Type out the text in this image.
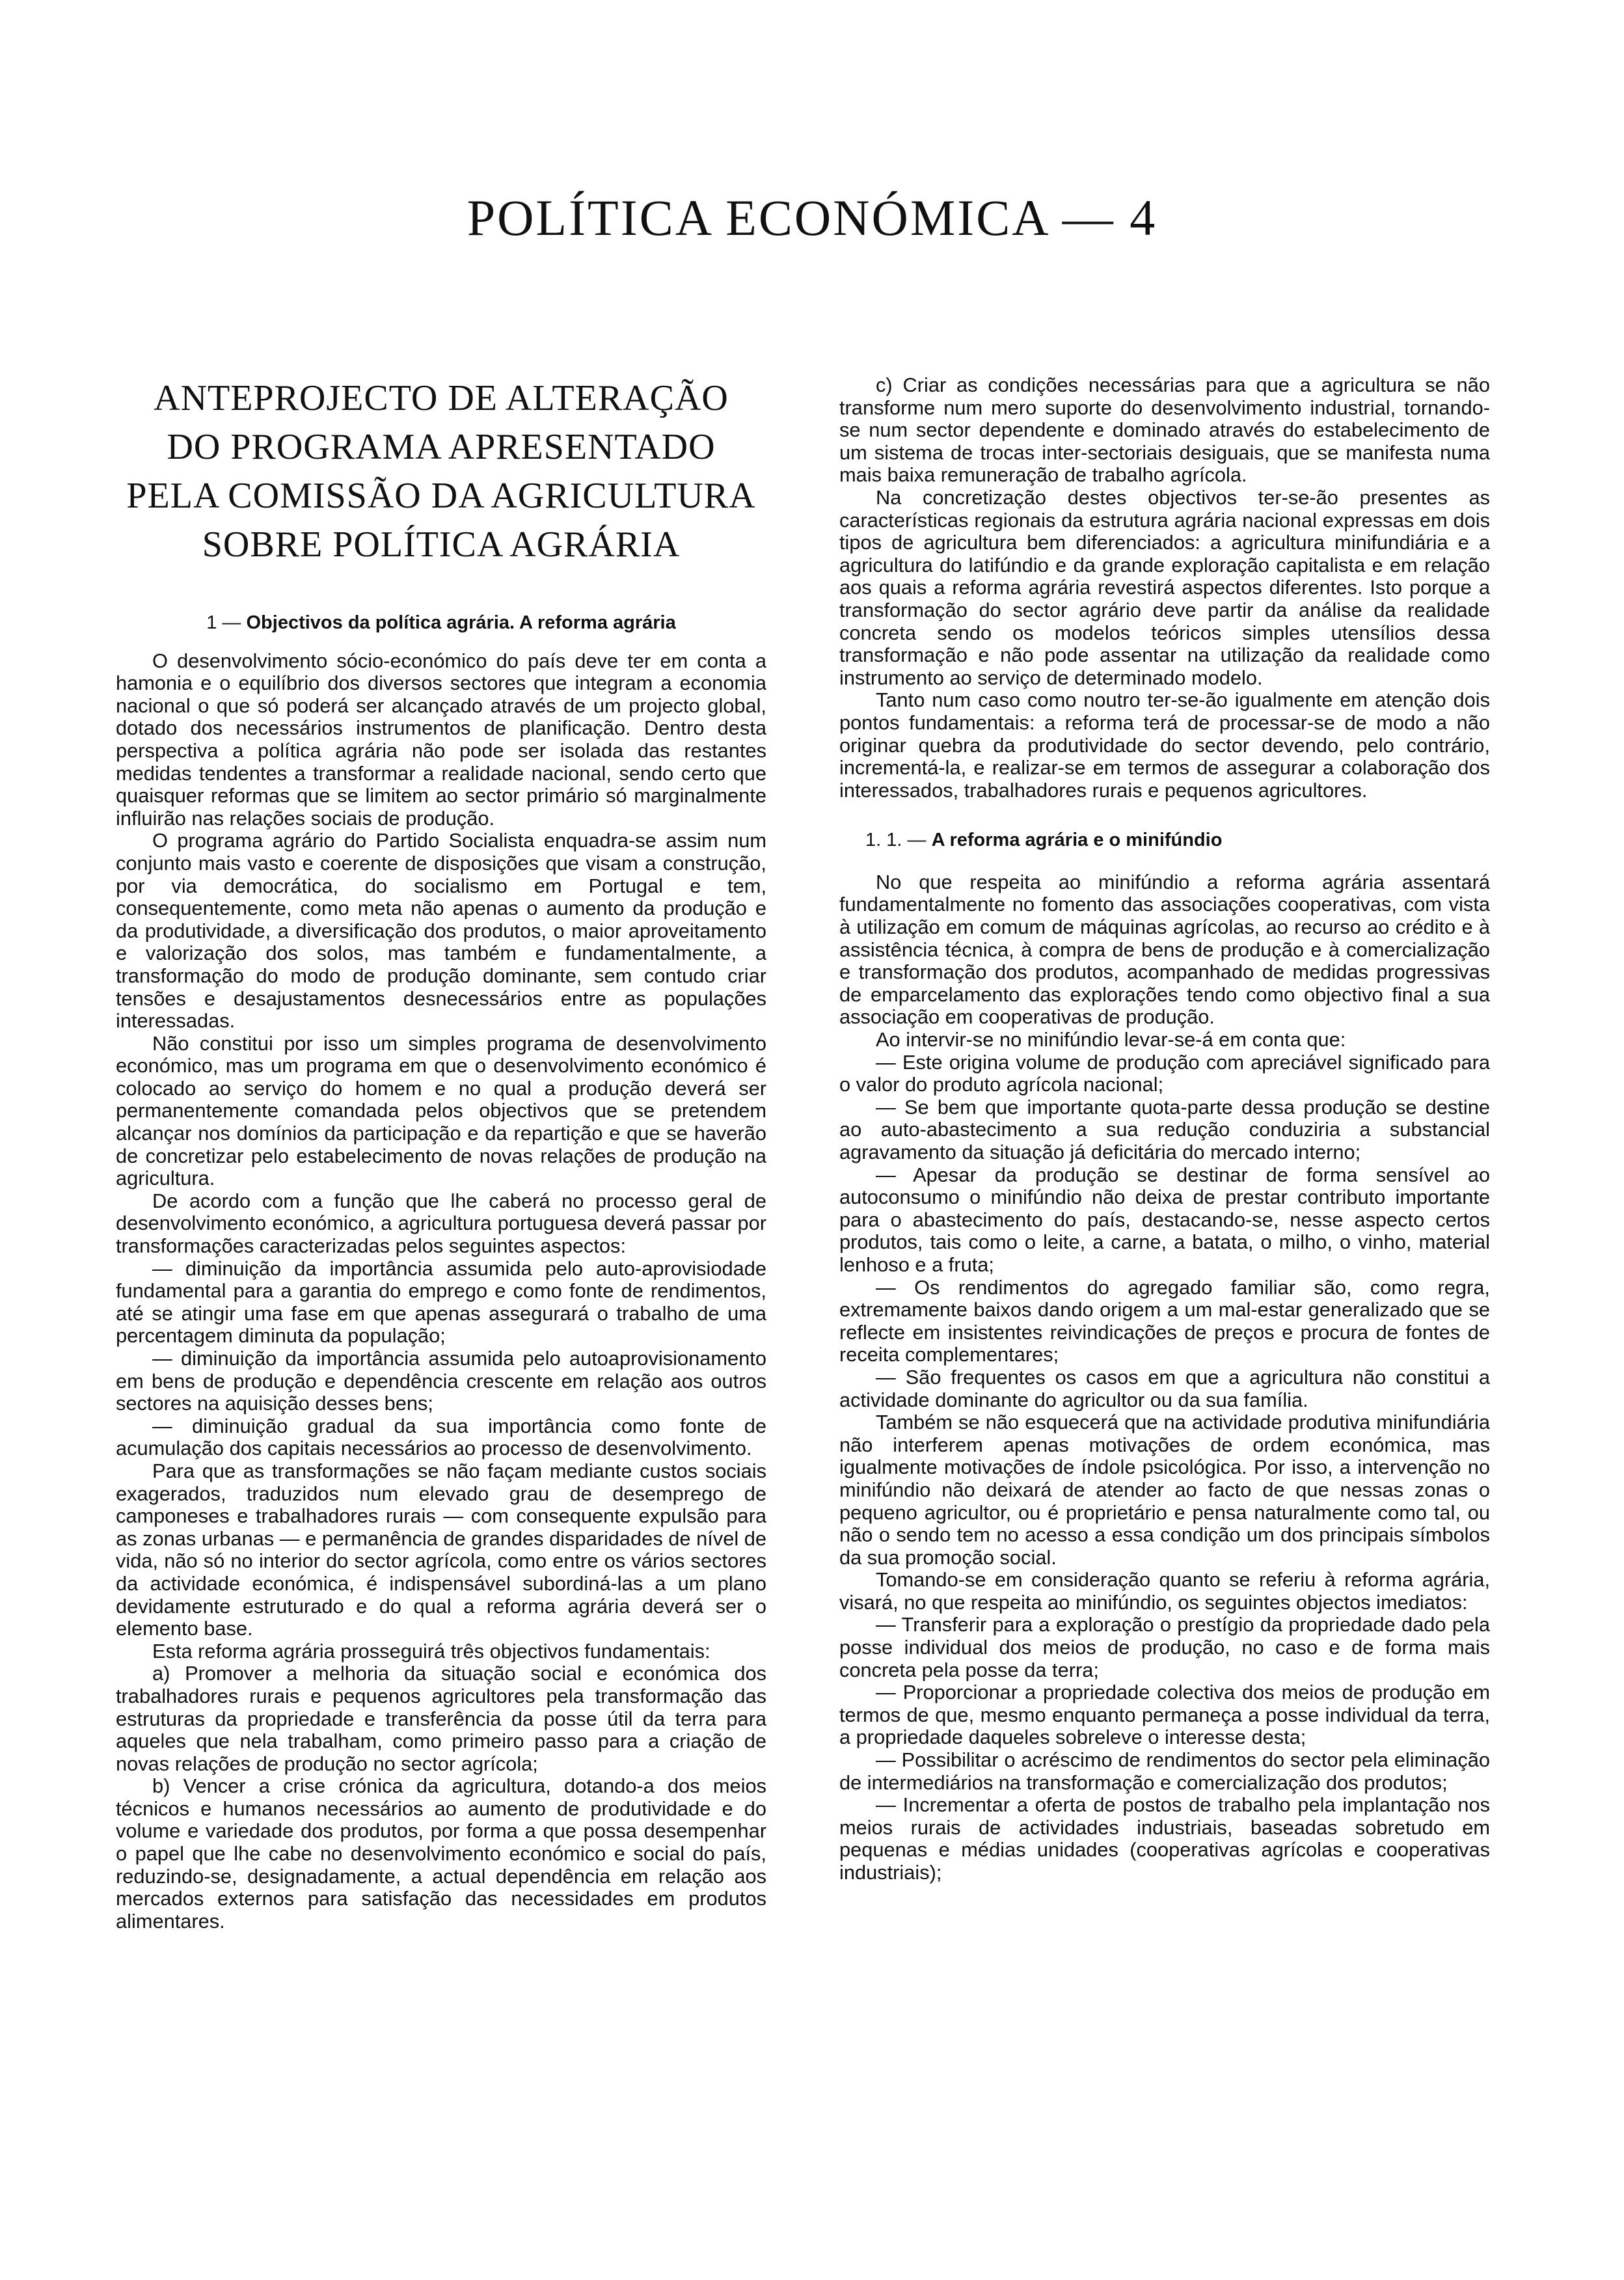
POLÍTICA ECONÓMICA — 4
ANTEPROJECTO DE ALTERAÇÃO
DO PROGRAMA APRESENTADO
PELA COMISSÃO DA AGRICULTURA
SOBRE POLÍTICA AGRÁRIA
1 — Objectivos da política agrária. A reforma agrária

O desenvolvimento sócio-económico do país deve ter em conta a hamonia e o equilíbrio dos diversos sectores que integram a economia nacional o que só poderá ser alcançado através de um projecto global, dotado dos necessários instrumentos de planificação. Dentro desta perspectiva a política agrária não pode ser isolada das restantes medidas tendentes a transformar a realidade nacional, sendo certo que quaisquer reformas que se limitem ao sector primário só marginalmente influirão nas relações sociais de produção.

O programa agrário do Partido Socialista enquadra-se assim num conjunto mais vasto e coerente de disposições que visam a construção, por via democrática, do socialismo em Portugal e tem, consequentemente, como meta não apenas o aumento da produção e da produtividade, a diversificação dos produtos, o maior aproveitamento e valorização dos solos, mas também e fundamentalmente, a transformação do modo de produção dominante, sem contudo criar tensões e desajustamentos desnecessários entre as populações interessadas.

Não constitui por isso um simples programa de desenvolvimento económico, mas um programa em que o desenvolvimento económico é colocado ao serviço do homem e no qual a produção deverá ser permanentemente comandada pelos objectivos que se pretendem alcançar nos domínios da participação e da repartição e que se haverão de concretizar pelo estabelecimento de novas relações de produção na agricultura.

De acordo com a função que lhe caberá no processo geral de desenvolvimento económico, a agricultura portuguesa deverá passar por transformações caracterizadas pelos seguintes aspectos:

— diminuição da importância assumida pelo auto-aprovisiodade fundamental para a garantia do emprego e como fonte de rendimentos, até se atingir uma fase em que apenas assegurará o trabalho de uma percentagem diminuta da população;

— diminuição da importância assumida pelo autoaprovisionamento em bens de produção e dependência crescente em relação aos outros sectores na aquisição desses bens;

— diminuição gradual da sua importância como fonte de acumulação dos capitais necessários ao processo de desenvolvimento.

Para que as transformações se não façam mediante custos sociais exagerados, traduzidos num elevado grau de desemprego de camponeses e trabalhadores rurais — com consequente expulsão para as zonas urbanas — e permanência de grandes disparidades de nível de vida, não só no interior do sector agrícola, como entre os vários sectores da actividade económica, é indispensável subordiná-las a um plano devidamente estruturado e do qual a reforma agrária deverá ser o elemento base.

Esta reforma agrária prosseguirá três objectivos fundamentais:

a) Promover a melhoria da situação social e económica dos trabalhadores rurais e pequenos agricultores pela transformação das estruturas da propriedade e transferência da posse útil da terra para aqueles que nela trabalham, como primeiro passo para a criação de novas relações de produção no sector agrícola;

b) Vencer a crise crónica da agricultura, dotando-a dos meios técnicos e humanos necessários ao aumento de produtividade e do volume e variedade dos produtos, por forma a que possa desempenhar o papel que lhe cabe no desenvolvimento económico e social do país, reduzindo-se, designadamente, a actual dependência em relação aos mercados externos para satisfação das necessidades em produtos alimentares.

c) Criar as condições necessárias para que a agricultura se não transforme num mero suporte do desenvolvimento industrial, tornando-se num sector dependente e dominado através do estabelecimento de um sistema de trocas inter-sectoriais desiguais, que se manifesta numa mais baixa remuneração de trabalho agrícola.

Na concretização destes objectivos ter-se-ão presentes as características regionais da estrutura agrária nacional expressas em dois tipos de agricultura bem diferenciados: a agricultura minifundiária e a agricultura do latifúndio e da grande exploração capitalista e em relação aos quais a reforma agrária revestirá aspectos diferentes. Isto porque a transformação do sector agrário deve partir da análise da realidade concreta sendo os modelos teóricos simples utensílios dessa transformação e não pode assentar na utilização da realidade como instrumento ao serviço de determinado modelo.

Tanto num caso como noutro ter-se-ão igualmente em atenção dois pontos fundamentais: a reforma terá de processar-se de modo a não originar quebra da produtividade do sector devendo, pelo contrário, incrementá-la, e realizar-se em termos de assegurar a colaboração dos interessados, trabalhadores rurais e pequenos agricultores.

1. 1. — A reforma agrária e o minifúndio

No que respeita ao minifúndio a reforma agrária assentará fundamentalmente no fomento das associações cooperativas, com vista à utilização em comum de máquinas agrícolas, ao recurso ao crédito e à assistência técnica, à compra de bens de produção e à comercialização e transformação dos produtos, acompanhado de medidas progressivas de emparcelamento das explorações tendo como objectivo final a sua associação em cooperativas de produção.

Ao intervir-se no minifúndio levar-se-á em conta que:

— Este origina volume de produção com apreciável significado para o valor do produto agrícola nacional;

— Se bem que importante quota-parte dessa produção se destine ao auto-abastecimento a sua redução conduziria a substancial agravamento da situação já deficitária do mercado interno;

— Apesar da produção se destinar de forma sensível ao autoconsumo o minifúndio não deixa de prestar contributo importante para o abastecimento do país, destacando-se, nesse aspecto certos produtos, tais como o leite, a carne, a batata, o milho, o vinho, material lenhoso e a fruta;

— Os rendimentos do agregado familiar são, como regra, extremamente baixos dando origem a um mal-estar generalizado que se reflecte em insistentes reivindicações de preços e procura de fontes de receita complementares;

— São frequentes os casos em que a agricultura não constitui a actividade dominante do agricultor ou da sua família.

Também se não esquecerá que na actividade produtiva minifundiária não interferem apenas motivações de ordem económica, mas igualmente motivações de índole psicológica. Por isso, a intervenção no minifúndio não deixará de atender ao facto de que nessas zonas o pequeno agricultor, ou é proprietário e pensa naturalmente como tal, ou não o sendo tem no acesso a essa condição um dos principais símbolos da sua promoção social.

Tomando-se em consideração quanto se referiu à reforma agrária, visará, no que respeita ao minifúndio, os seguintes objectos imediatos:

— Transferir para a exploração o prestígio da propriedade dado pela posse individual dos meios de produção, no caso e de forma mais concreta pela posse da terra;

— Proporcionar a propriedade colectiva dos meios de produção em termos de que, mesmo enquanto permaneça a posse individual da terra, a propriedade daqueles sobreleve o interesse desta;

— Possibilitar o acréscimo de rendimentos do sector pela eliminação de intermediários na transformação e comercialização dos produtos;

— Incrementar a oferta de postos de trabalho pela implantação nos meios rurais de actividades industriais, baseadas sobretudo em pequenas e médias unidades (cooperativas agrícolas e cooperativas industriais);
